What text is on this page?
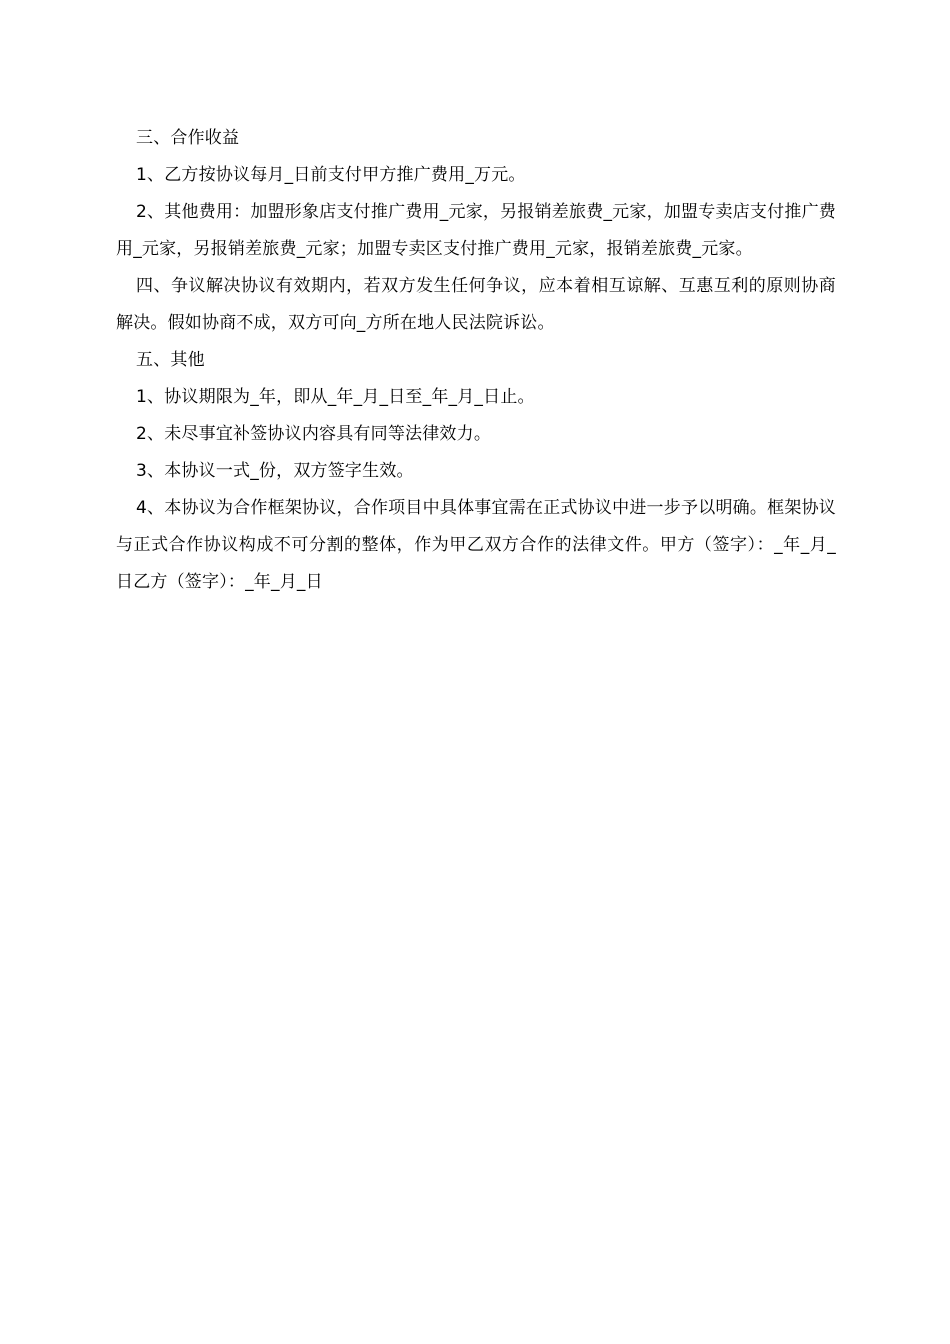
三、合作收益

1、乙方按协议每月_日前支付甲方推广费用_万元。

2、其他费用：加盟形象店支付推广费用_元家，另报销差旅费_元家，加盟专卖店支付推广费用_元家，另报销差旅费_元家；加盟专卖区支付推广费用_元家，报销差旅费_元家。

四、争议解决协议有效期内，若双方发生任何争议，应本着相互谅解、互惠互利的原则协商解决。假如协商不成，双方可向_方所在地人民法院诉讼。

五、其他

1、协议期限为_年，即从_年_月_日至_年_月_日止。

2、未尽事宜补签协议内容具有同等法律效力。

3、本协议一式_份，双方签字生效。

4、本协议为合作框架协议，合作项目中具体事宜需在正式协议中进一步予以明确。框架协议与正式合作协议构成不可分割的整体，作为甲乙双方合作的法律文件。甲方（签字）：_年_月_日乙方（签字）：_年_月_日
